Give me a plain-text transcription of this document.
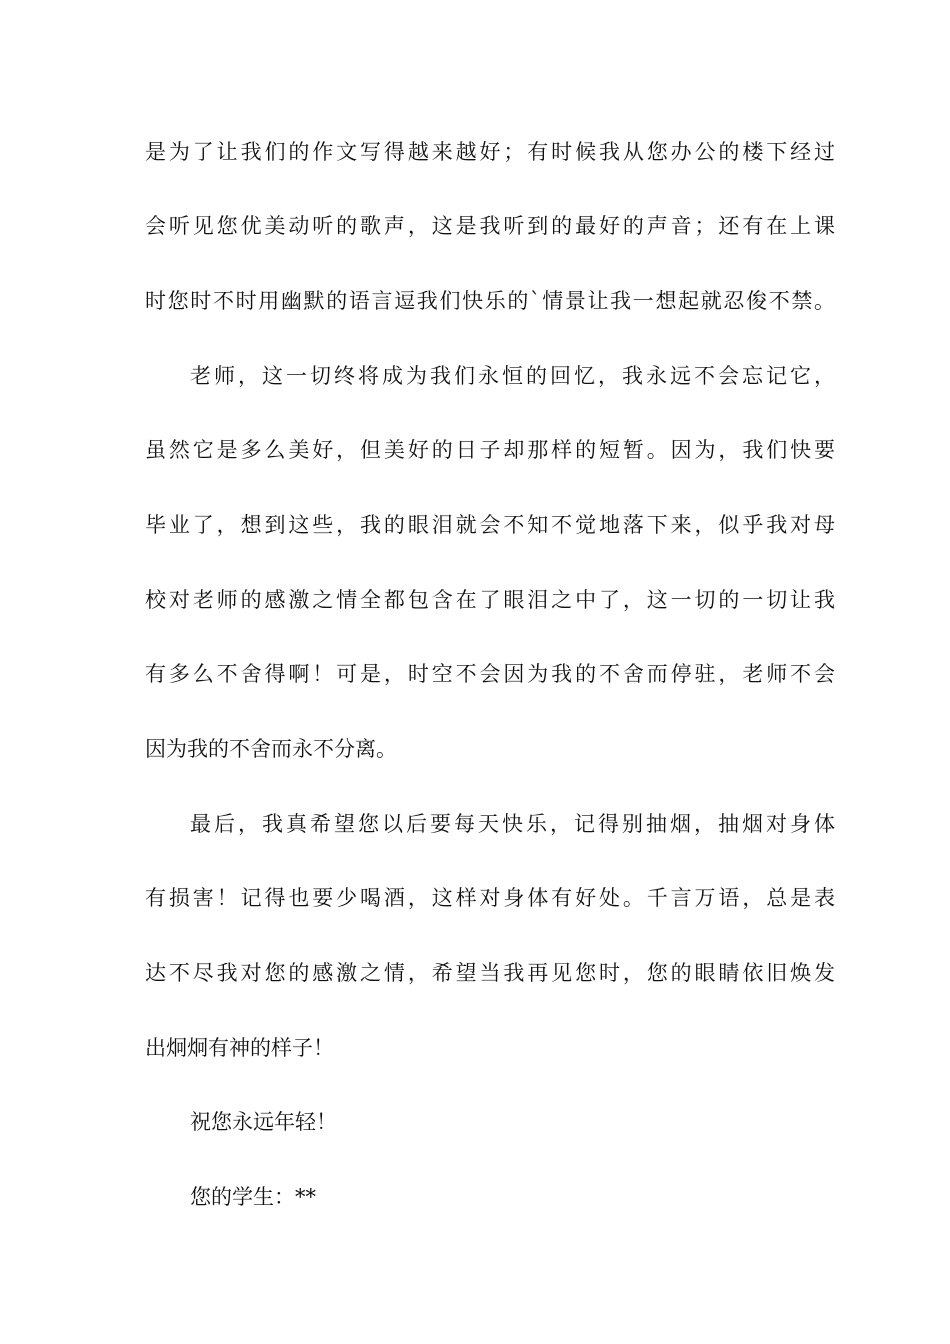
是为了让我们的作文写得越来越好；有时候我从您办公的楼下经过
会听见您优美动听的歌声，这是我听到的最好的声音；还有在上课
时您时不时用幽默的语言逗我们快乐的`情景让我一想起就忍俊不禁。
老师，这一切终将成为我们永恒的回忆，我永远不会忘记它，
虽然它是多么美好，但美好的日子却那样的短暂。因为，我们快要
毕业了，想到这些，我的眼泪就会不知不觉地落下来，似乎我对母
校对老师的感激之情全都包含在了眼泪之中了，这一切的一切让我
有多么不舍得啊！可是，时空不会因为我的不舍而停驻，老师不会
因为我的不舍而永不分离。
最后，我真希望您以后要每天快乐，记得别抽烟，抽烟对身体
有损害！记得也要少喝酒，这样对身体有好处。千言万语，总是表
达不尽我对您的感激之情，希望当我再见您时，您的眼睛依旧焕发
出炯炯有神的样子！
祝您永远年轻！
您的学生：**
